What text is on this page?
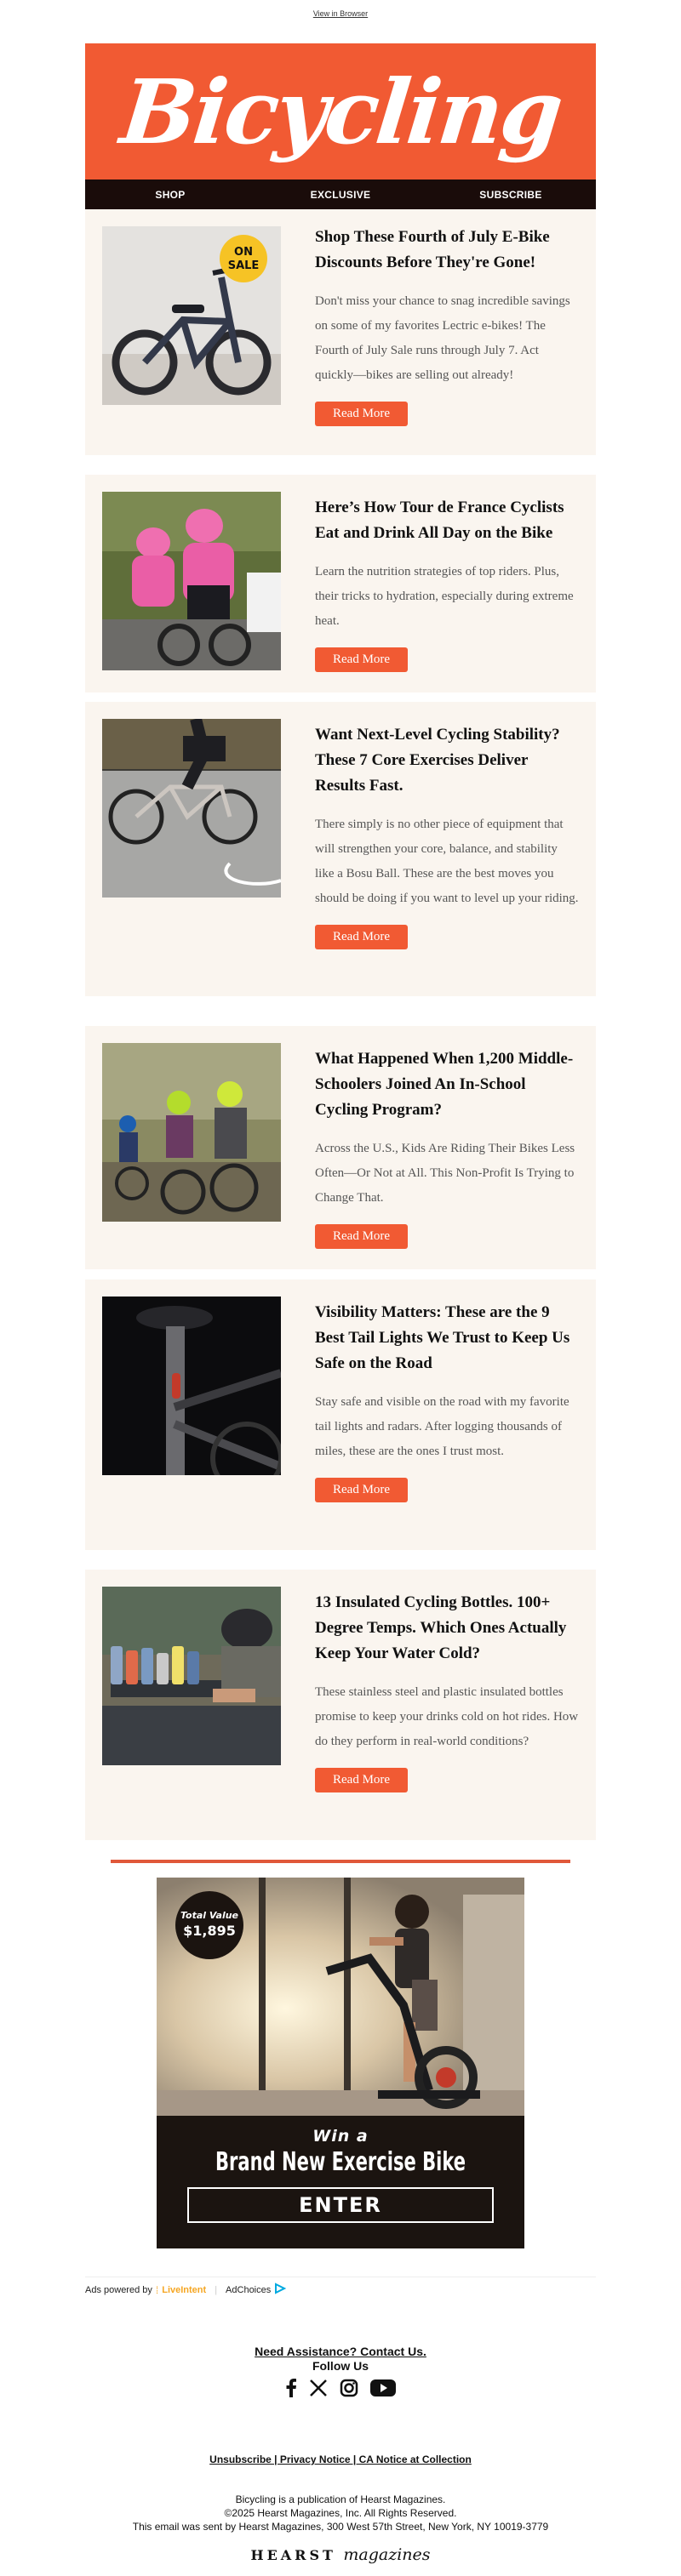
View in Browser
Bicycling
SHOP	EXCLUSIVE	SUBSCRIBE
ON
SALE
Shop These Fourth of July E-Bike Discounts Before They're Gone!

Don't miss your chance to snag incredible savings on some of my favorites Lectric e-bikes! The Fourth of July Sale runs through July 7. Act quickly—bikes are selling out already!

Read More
Here’s How Tour de France Cyclists Eat and Drink All Day on the Bike

Learn the nutrition strategies of top riders. Plus, their tricks to hydration, especially during extreme heat.

Read More
Want Next-Level Cycling Stability? These 7 Core Exercises Deliver Results Fast.

There simply is no other piece of equipment that will strengthen your core, balance, and stability like a Bosu Ball. These are the best moves you should be doing if you want to level up your riding.

Read More
What Happened When 1,200 Middle-Schoolers Joined An In-School Cycling Program?

Across the U.S., Kids Are Riding Their Bikes Less Often—Or Not at All. This Non-Profit Is Trying to Change That.

Read More
Visibility Matters: These are the 9 Best Tail Lights We Trust to Keep Us Safe on the Road

Stay safe and visible on the road with my favorite tail lights and radars. After logging thousands of miles, these are the ones I trust most.

Read More
13 Insulated Cycling Bottles. 100+ Degree Temps. Which Ones Actually Keep Your Water Cold?

These stainless steel and plastic insulated bottles promise to keep your drinks cold on hot rides. How do they perform in real-world conditions?

Read More
Total Value
$1,895
Win a
Brand New Exercise Bike
ENTER
Ads powered by ⁞ LiveIntent | AdChoices
Need Assistance? Contact Us.
Follow Us
Unsubscribe | Privacy Notice | CA Notice at Collection
Bicycling is a publication of Hearst Magazines.
©2025 Hearst Magazines, Inc. All Rights Reserved.
This email was sent by Hearst Magazines, 300 West 57th Street, New York, NY 10019-3779
HEARST magazines
